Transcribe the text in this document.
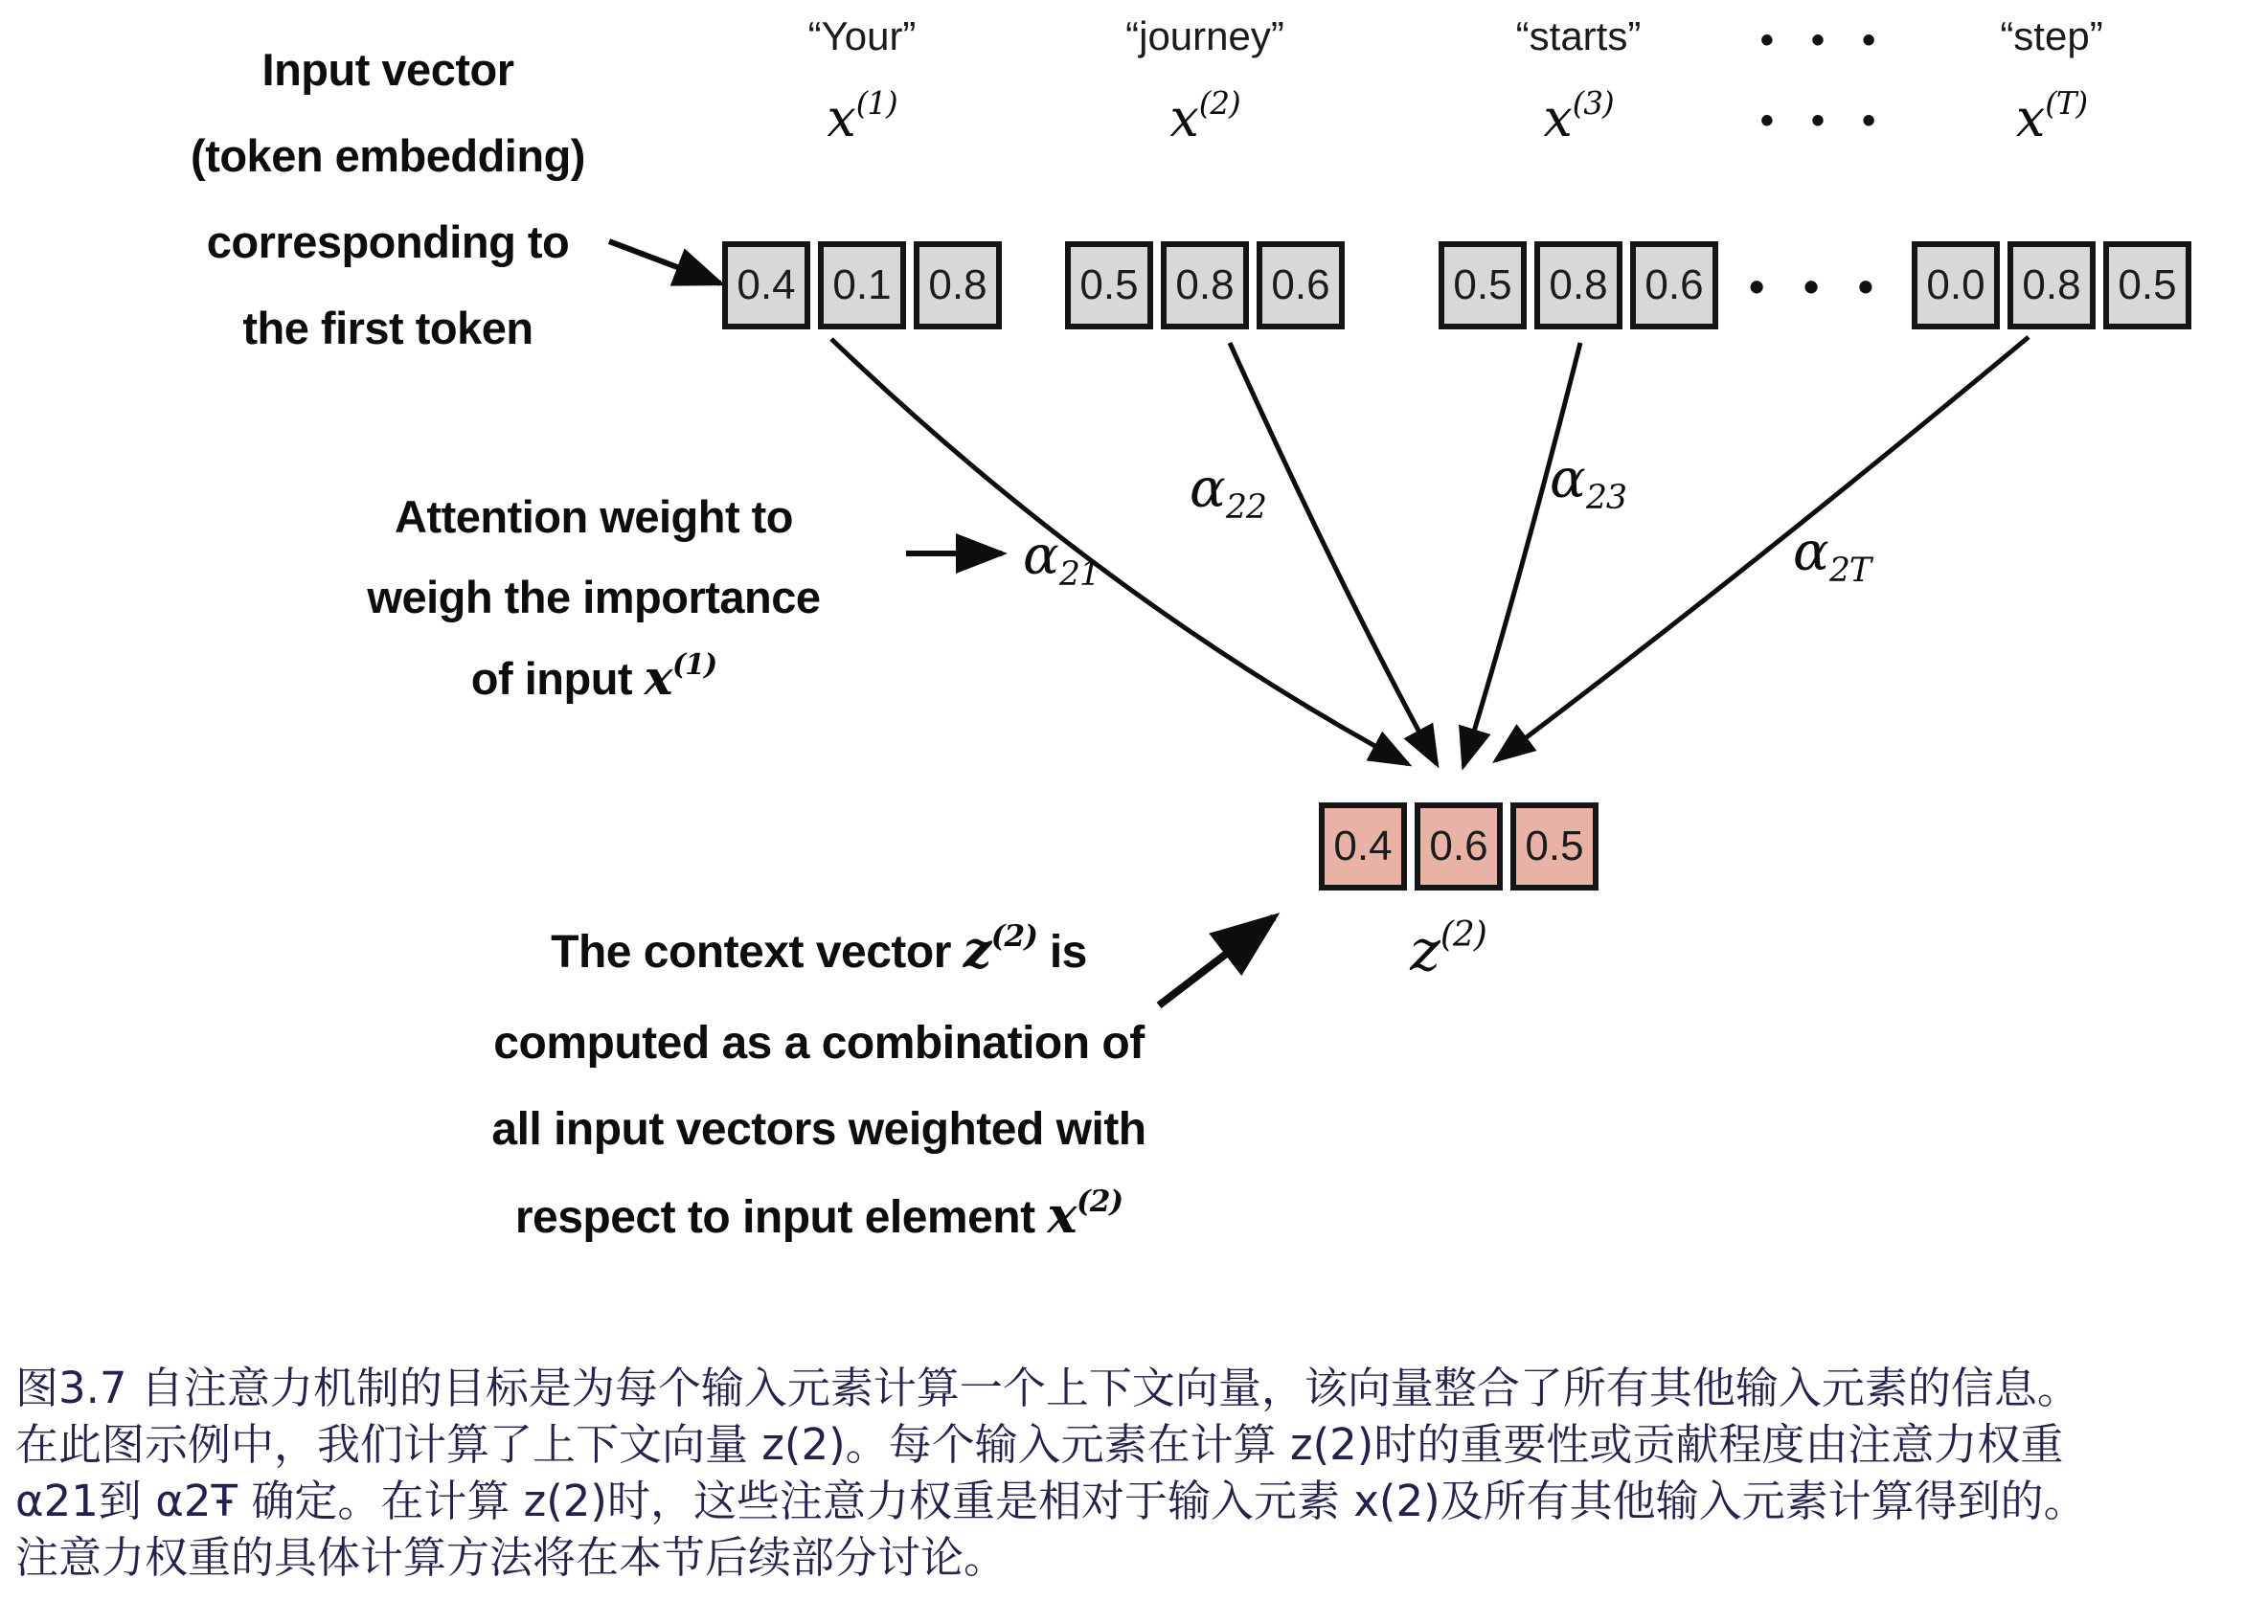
Input vector
(token embedding)
corresponding to
the first token
“Your”	“journey”	“starts”	• • •	“step”
$x^{(1)}$	$x^{(2)}$	$x^{(3)}$	• • • $x^{(T)}$
0.4 0.1 0.8	0.5 0.8 0.6	0.5 0.8 0.6	• • • 0.0 0.8 0.5
Attention weight to
weigh the importance
of input $x^{(1)}$
$\alpha_{21}$
$\alpha_{22}$	$\alpha_{23}$
$\alpha_{2T}$
0.4 0.6 0.5
$z^{(2)}$
The context vector $z^{(2)}$ is
computed as a combination of
all input vectors weighted with
respect to input element $x^{(2)}$
图3.7 自注意力机制的目标是为每个输入元素计算一个上下文向量，该向量整合了所有其他输入元素的信息。
在此图示例中，我们计算了上下文向量 z(2)。每个输入元素在计算 z(2)时的重要性或贡献程度由注意力权重
α21到 α2Ŧ 确定。在计算 z(2)时，这些注意力权重是相对于输入元素 x(2)及所有其他输入元素计算得到的。
注意力权重的具体计算方法将在本节后续部分讨论。
